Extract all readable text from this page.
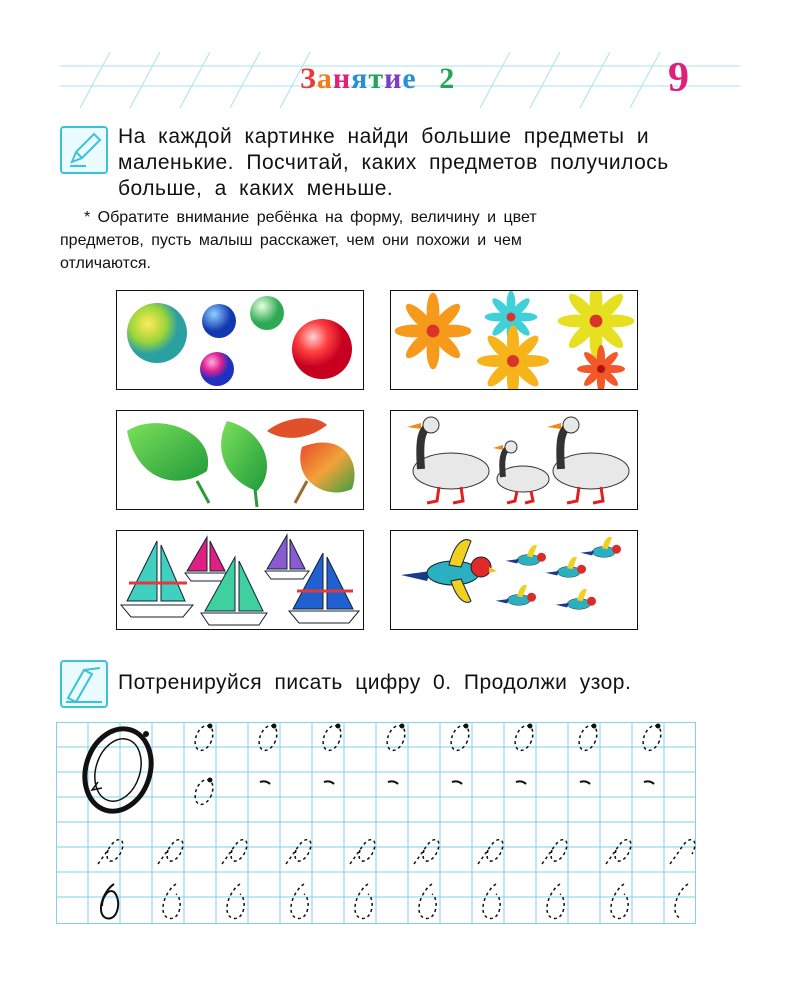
Занятие 2	9
На каждой картинке найди большие предметы и
маленькие. Посчитай, каких предметов получилось
больше, а каких меньше.
* Обратите внимание ребёнка на форму, величину и цвет
предметов, пусть малыш расскажет, чем они похожи и чем
отличаются.
Потренируйся писать цифру 0. Продолжи узор.
